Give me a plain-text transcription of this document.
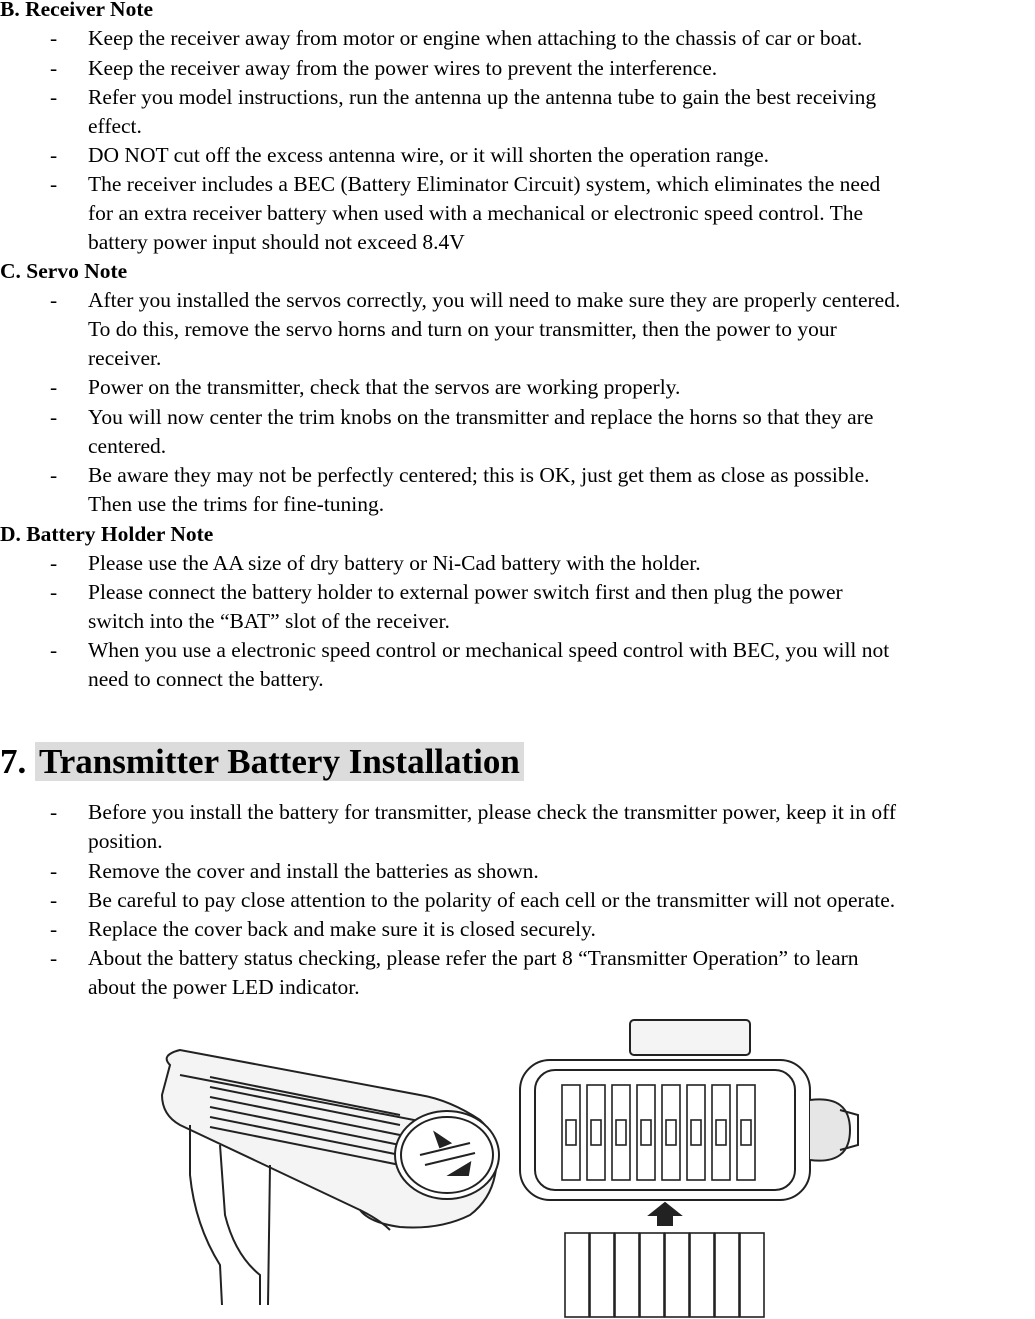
B. Receiver Note
- Keep the receiver away from motor or engine when attaching to the chassis of car or boat.
- Keep the receiver away from the power wires to prevent the interference.
- Refer you model instructions, run the antenna up the antenna tube to gain the best receiving
effect.
- DO NOT cut off the excess antenna wire, or it will shorten the operation range.
- The receiver includes a BEC (Battery Eliminator Circuit) system, which eliminates the need
for an extra receiver battery when used with a mechanical or electronic speed control. The
battery power input should not exceed 8.4V
C. Servo Note
- After you installed the servos correctly, you will need to make sure they are properly centered.
To do this, remove the servo horns and turn on your transmitter, then the power to your
receiver.
- Power on the transmitter, check that the servos are working properly.
- You will now center the trim knobs on the transmitter and replace the horns so that they are
centered.
- Be aware they may not be perfectly centered; this is OK, just get them as close as possible.
Then use the trims for fine-tuning.
D. Battery Holder Note
- Please use the AA size of dry battery or Ni-Cad battery with the holder.
- Please connect the battery holder to external power switch first and then plug the power
switch into the “BAT” slot of the receiver.
- When you use a electronic speed control or mechanical speed control with BEC, you will not
need to connect the battery.
7. Transmitter Battery Installation
- Before you install the battery for transmitter, please check the transmitter power, keep it in off
position.
- Remove the cover and install the batteries as shown.
- Be careful to pay close attention to the polarity of each cell or the transmitter will not operate.
- Replace the cover back and make sure it is closed securely.
- About the battery status checking, please refer the part 8 “Transmitter Operation” to learn
about the power LED indicator.
